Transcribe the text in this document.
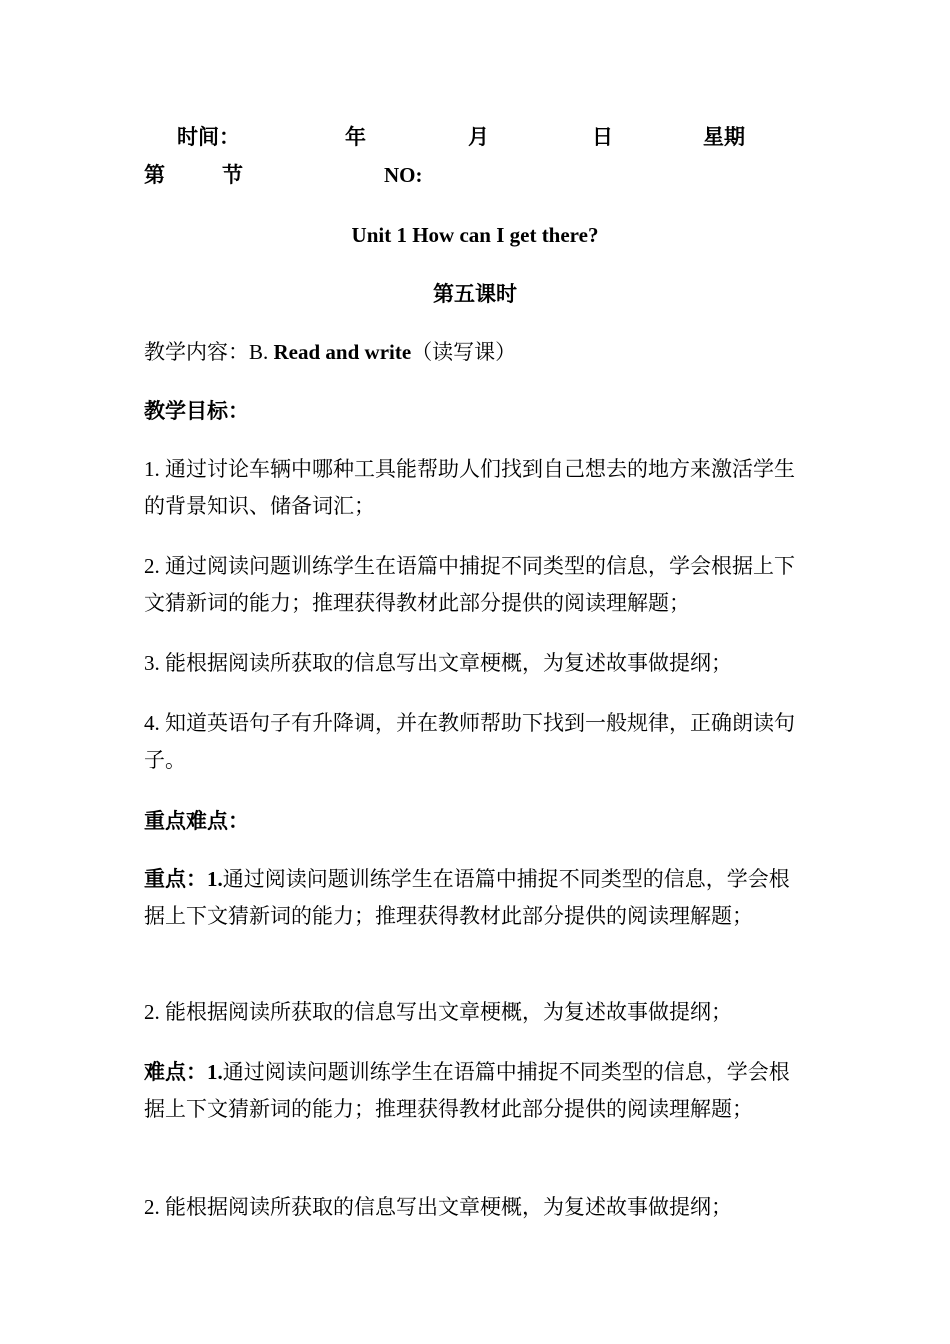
时间：	年	月	日	星期
第	节	NO:
Unit 1 How can I get there?
第五课时
教学内容：B. Read and write（读写课）
教学目标：
1. 通过讨论车辆中哪种工具能帮助人们找到自己想去的地方来激活学生的背景知识、储备词汇；
2. 通过阅读问题训练学生在语篇中捕捉不同类型的信息，学会根据上下文猜新词的能力；推理获得教材此部分提供的阅读理解题；
3. 能根据阅读所获取的信息写出文章梗概，为复述故事做提纲；
4. 知道英语句子有升降调，并在教师帮助下找到一般规律，正确朗读句子。
重点难点：
重点：1.通过阅读问题训练学生在语篇中捕捉不同类型的信息，学会根据上下文猜新词的能力；推理获得教材此部分提供的阅读理解题；
2. 能根据阅读所获取的信息写出文章梗概，为复述故事做提纲；
难点：1.通过阅读问题训练学生在语篇中捕捉不同类型的信息，学会根据上下文猜新词的能力；推理获得教材此部分提供的阅读理解题；
2. 能根据阅读所获取的信息写出文章梗概，为复述故事做提纲；
